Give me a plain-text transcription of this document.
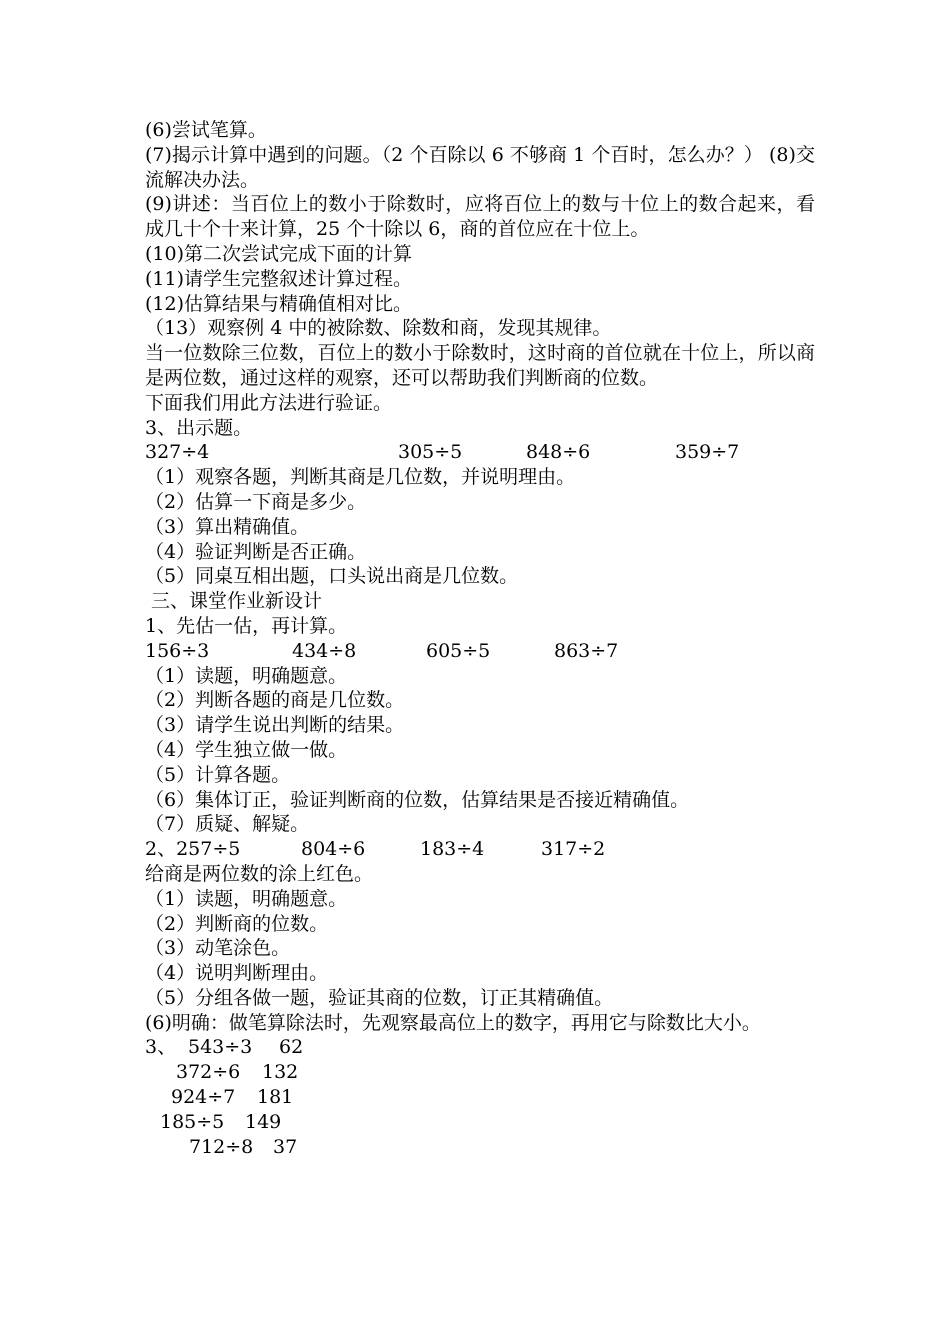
(6)尝试笔算。
(7)揭示计算中遇到的问题。（2 个百除以 6 不够商 1 个百时，怎么办？） (8)交流解决办法。
(9)讲述：当百位上的数小于除数时，应将百位上的数与十位上的数合起来，看成几十个十来计算，25 个十除以 6，商的首位应在十位上。
(10)第二次尝试完成下面的计算
(11)请学生完整叙述计算过程。
(12)估算结果与精确值相对比。
（13）观察例 4 中的被除数、除数和商，发现其规律。
当一位数除三位数，百位上的数小于除数时，这时商的首位就在十位上，所以商是两位数，通过这样的观察，还可以帮助我们判断商的位数。
下面我们用此方法进行验证。
3、出示题。
327÷4	305÷5	848÷6	359÷7
（1）观察各题，判断其商是几位数，并说明理由。
（2）估算一下商是多少。
（3）算出精确值。
（4）验证判断是否正确。
（5）同桌互相出题，口头说出商是几位数。
三、课堂作业新设计
1、先估一估，再计算。
156÷3	434÷8	605÷5	863÷7
（1）读题，明确题意。
（2）判断各题的商是几位数。
（3）请学生说出判断的结果。
（4）学生独立做一做。
（5）计算各题。
（6）集体订正，验证判断商的位数，估算结果是否接近精确值。
（7）质疑、解疑。
2、257÷5	804÷6	183÷4	317÷2
给商是两位数的涂上红色。
（1）读题，明确题意。
（2）判断商的位数。
（3）动笔涂色。
（4）说明判断理由。
（5）分组各做一题，验证其商的位数，订正其精确值。
(6)明确：做笔算除法时，先观察最高位上的数字，再用它与除数比大小。
3、 543÷3 62
372÷6 132
924÷7 181
185÷5 149
712÷8 37
